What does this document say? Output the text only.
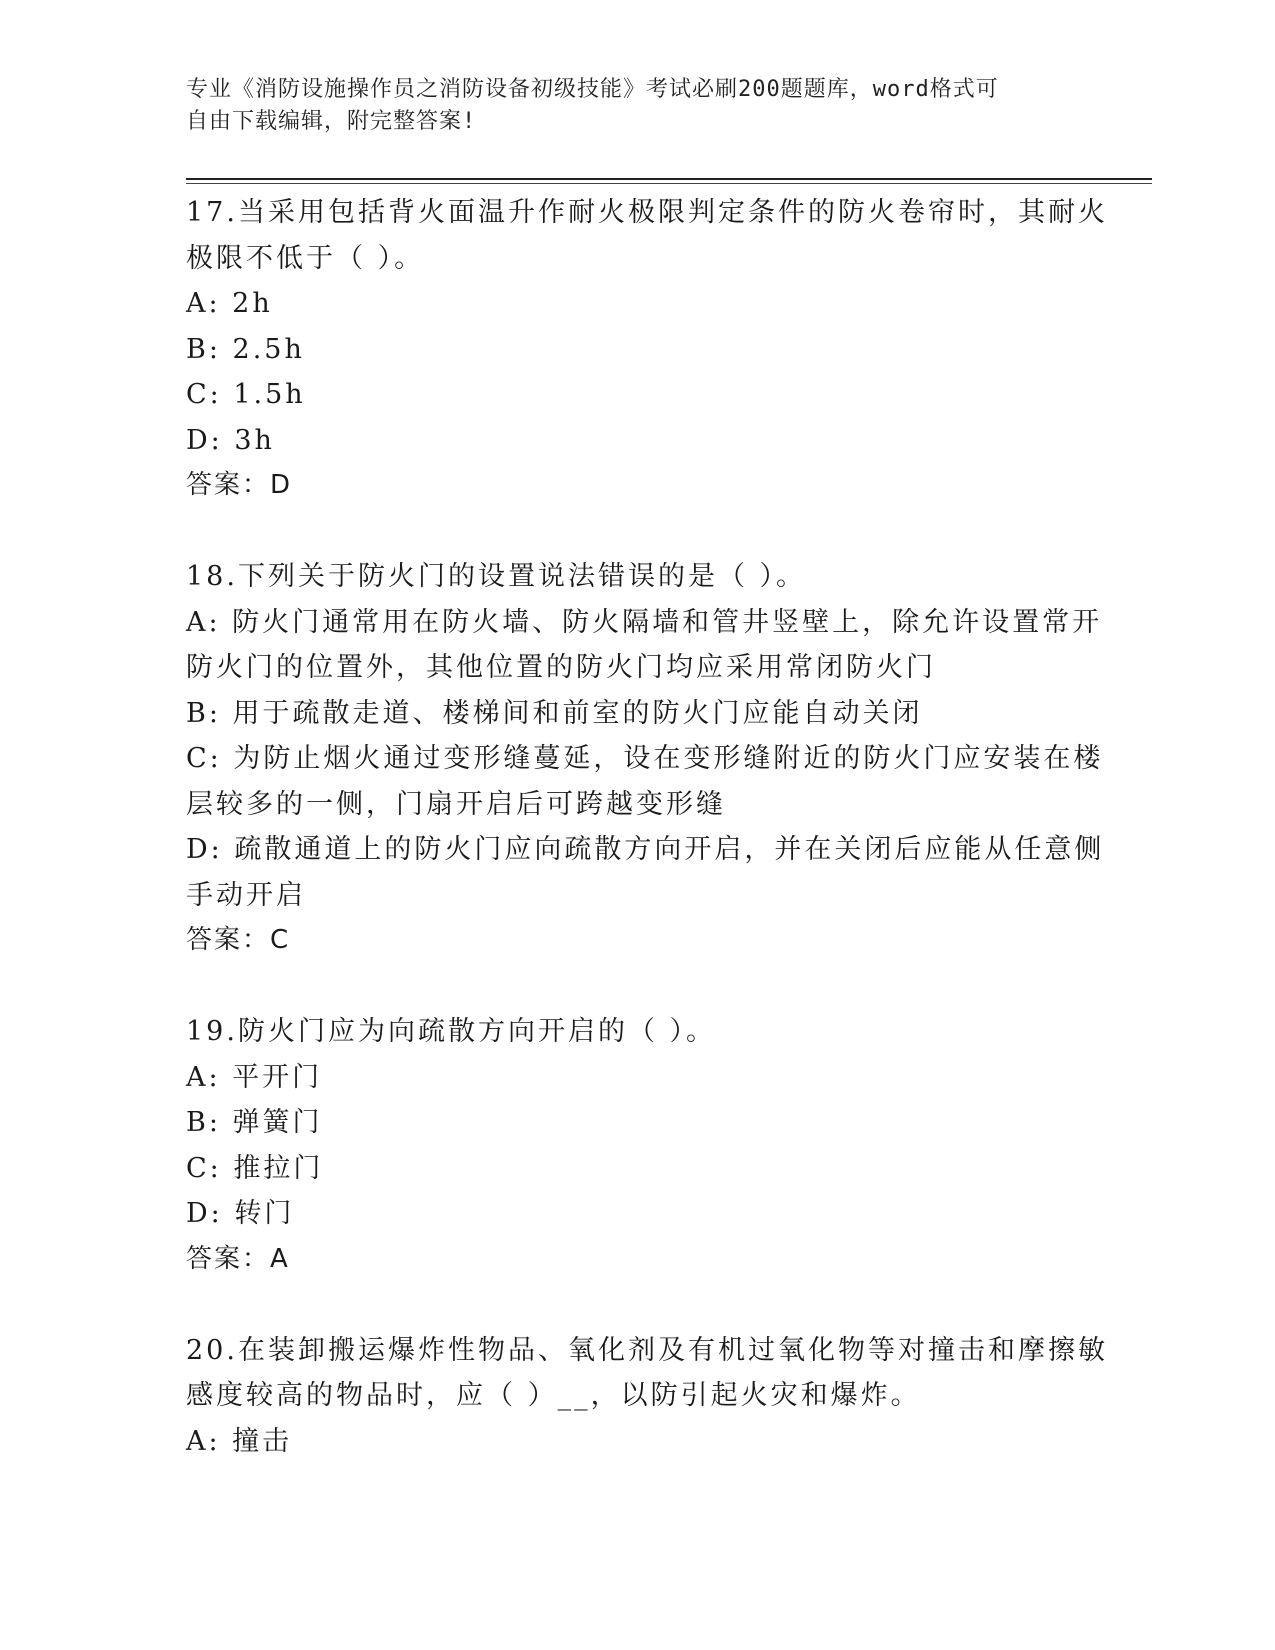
专业《消防设施操作员之消防设备初级技能》考试必刷200题题库，word格式可
自由下载编辑，附完整答案!
17.当采用包括背火面温升作耐火极限判定条件的防火卷帘时，其耐火
极限不低于（ ）。
A: 2h
B: 2.5h
C: 1.5h
D: 3h
答案：D
18.下列关于防火门的设置说法错误的是（ ）。
A: 防火门通常用在防火墙、防火隔墙和管井竖壁上，除允许设置常开
防火门的位置外，其他位置的防火门均应采用常闭防火门
B: 用于疏散走道、楼梯间和前室的防火门应能自动关闭
C: 为防止烟火通过变形缝蔓延，设在变形缝附近的防火门应安装在楼
层较多的一侧，门扇开启后可跨越变形缝
D: 疏散通道上的防火门应向疏散方向开启，并在关闭后应能从任意侧
手动开启
答案：C
19.防火门应为向疏散方向开启的（ ）。
A: 平开门
B: 弹簧门
C: 推拉门
D: 转门
答案：A
20.在装卸搬运爆炸性物品、氧化剂及有机过氧化物等对撞击和摩擦敏
感度较高的物品时，应（ ）__，以防引起火灾和爆炸。
A: 撞击
